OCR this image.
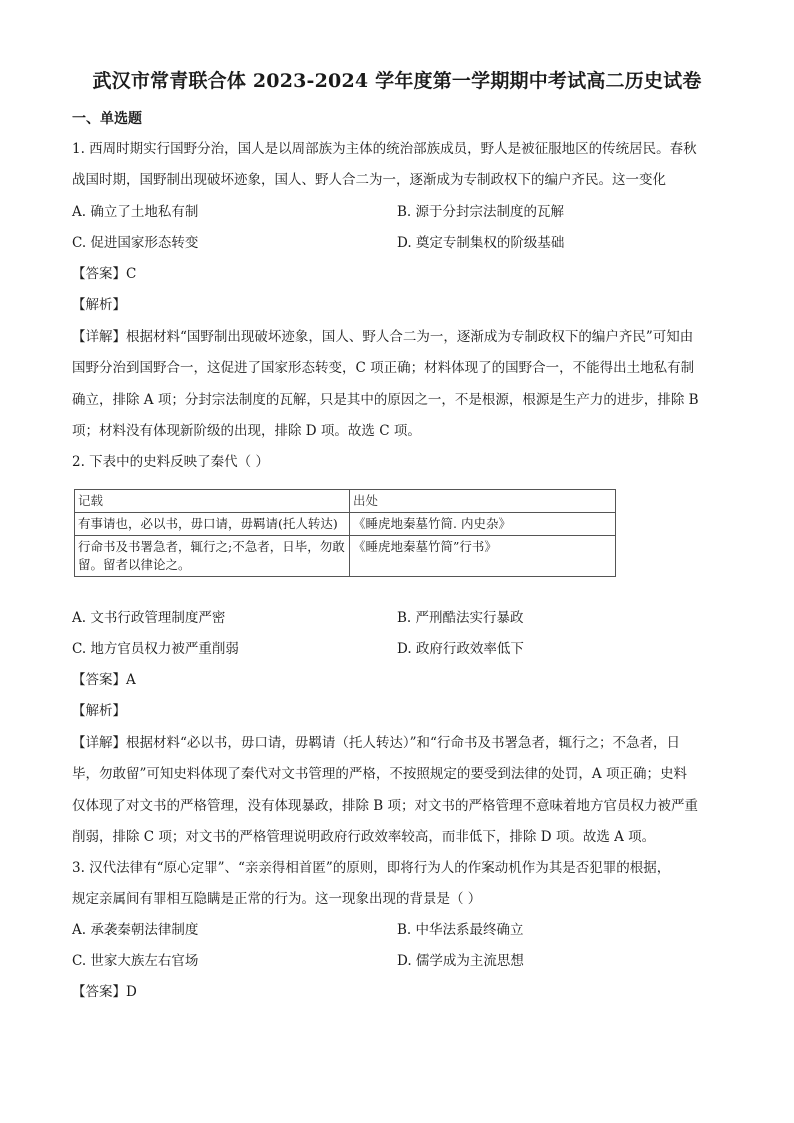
武汉市常青联合体 2023-2024 学年度第一学期期中考试高二历史试卷
一、单选题
1. 西周时期实行国野分治，国人是以周部族为主体的统治部族成员，野人是被征服地区的传统居民。春秋
战国时期，国野制出现破坏迹象，国人、野人合二为一，逐渐成为专制政权下的编户齐民。这一变化
A. 确立了土地私有制	B. 源于分封宗法制度的瓦解
C. 促进国家形态转变	D. 奠定专制集权的阶级基础
【答案】C
【解析】
【详解】根据材料“国野制出现破坏迹象，国人、野人合二为一，逐渐成为专制政权下的编户齐民”可知由
国野分治到国野合一，这促进了国家形态转变，C 项正确；材料体现了的国野合一，不能得出土地私有制
确立，排除 A 项；分封宗法制度的瓦解，只是其中的原因之一，不是根源，根源是生产力的进步，排除 B
项；材料没有体现新阶级的出现，排除 D 项。故选 C 项。
2. 下表中的史料反映了秦代（ ）
记载	出处
有事请也，必以书，毋口请，毋羁请(托人转达)	《睡虎地秦墓竹简. 内史杂》
行命书及书署急者，辄行之;不急者，日毕，勿敢留。留者以律论之。	《睡虎地秦墓竹简”行书》
A. 文书行政管理制度严密	B. 严刑酷法实行暴政
C. 地方官员权力被严重削弱	D. 政府行政效率低下
【答案】A
【解析】
【详解】根据材料“必以书，毋口请，毋羁请（托人转达）”和“行命书及书署急者，辄行之；不急者，日
毕，勿敢留”可知史料体现了秦代对文书管理的严格，不按照规定的要受到法律的处罚，A 项正确；史料
仅体现了对文书的严格管理，没有体现暴政，排除 B 项；对文书的严格管理不意味着地方官员权力被严重
削弱，排除 C 项；对文书的严格管理说明政府行政效率较高，而非低下，排除 D 项。故选 A 项。
3. 汉代法律有“原心定罪”、“亲亲得相首匿”的原则，即将行为人的作案动机作为其是否犯罪的根据，
规定亲属间有罪相互隐瞒是正常的行为。这一现象出现的背景是（ ）
A. 承袭秦朝法律制度	B. 中华法系最终确立
C. 世家大族左右官场	D. 儒学成为主流思想
【答案】D
